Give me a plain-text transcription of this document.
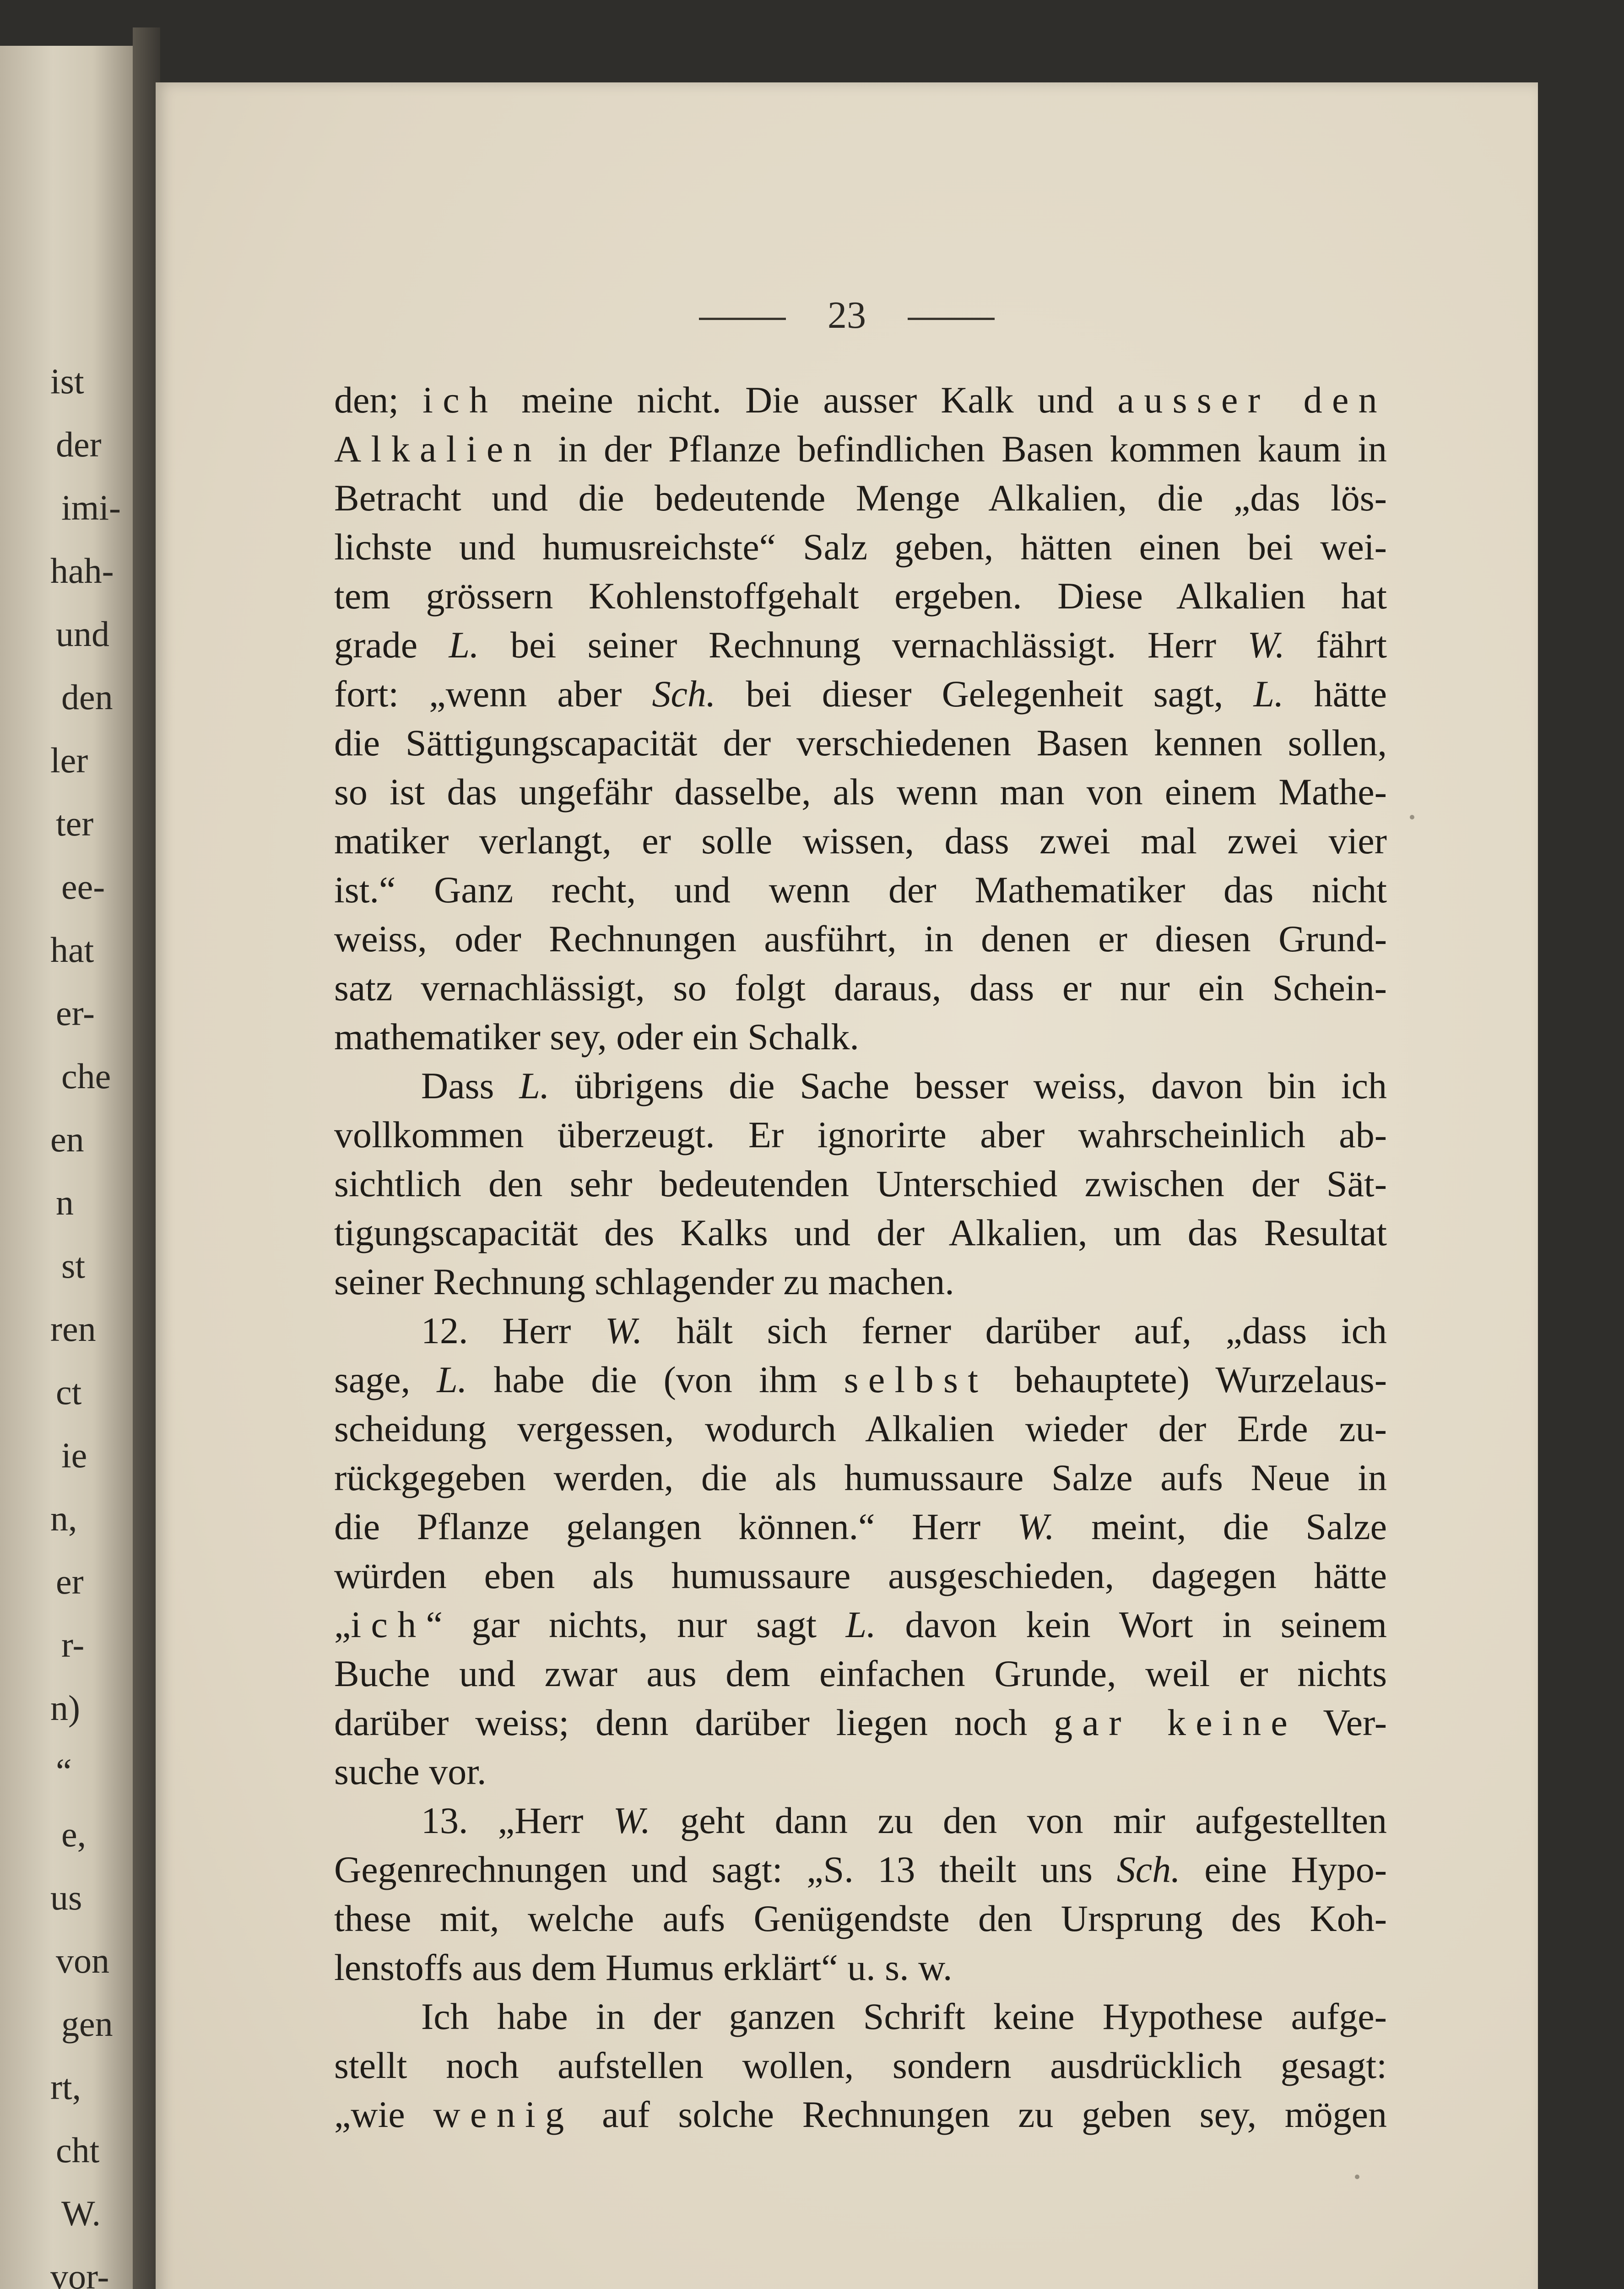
ist
der
imi-
hah-
und
den
ler
ter
ee-
hat
er-
che
en
n
st
ren
ct
ie
n,
er
r-
n)
“
e,
us
von
gen
rt,
cht
W.
vor-
23
den; ich meine nicht. Die ausser Kalk und ausser den
Alkalien in der Pflanze befindlichen Basen kommen kaum in
Betracht und die bedeutende Menge Alkalien, die „das lös-
lichste und humusreichste“ Salz geben, hätten einen bei wei-
tem grössern Kohlenstoffgehalt ergeben. Diese Alkalien hat
grade L. bei seiner Rechnung vernachlässigt. Herr W. fährt
fort: „wenn aber Sch. bei dieser Gelegenheit sagt, L. hätte
die Sättigungscapacität der verschiedenen Basen kennen sollen,
so ist das ungefähr dasselbe, als wenn man von einem Mathe-
matiker verlangt, er solle wissen, dass zwei mal zwei vier
ist.“ Ganz recht, und wenn der Mathematiker das nicht
weiss, oder Rechnungen ausführt, in denen er diesen Grund-
satz vernachlässigt, so folgt daraus, dass er nur ein Schein-
mathematiker sey, oder ein Schalk.
Dass L. übrigens die Sache besser weiss, davon bin ich
vollkommen überzeugt. Er ignorirte aber wahrscheinlich ab-
sichtlich den sehr bedeutenden Unterschied zwischen der Sät-
tigungscapacität des Kalks und der Alkalien, um das Resultat
seiner Rechnung schlagender zu machen.
12. Herr W. hält sich ferner darüber auf, „dass ich
sage, L. habe die (von ihm selbst behauptete) Wurzelaus-
scheidung vergessen, wodurch Alkalien wieder der Erde zu-
rückgegeben werden, die als humussaure Salze aufs Neue in
die Pflanze gelangen können.“ Herr W. meint, die Salze
würden eben als humussaure ausgeschieden, dagegen hätte
„ich“ gar nichts, nur sagt L. davon kein Wort in seinem
Buche und zwar aus dem einfachen Grunde, weil er nichts
darüber weiss; denn darüber liegen noch gar keine Ver-
suche vor.
13. „Herr W. geht dann zu den von mir aufgestellten
Gegenrechnungen und sagt: „S. 13 theilt uns Sch. eine Hypo-
these mit, welche aufs Genügendste den Ursprung des Koh-
lenstoffs aus dem Humus erklärt“ u. s. w.
Ich habe in der ganzen Schrift keine Hypothese aufge-
stellt noch aufstellen wollen, sondern ausdrücklich gesagt:
„wie wenig auf solche Rechnungen zu geben sey, mögen
